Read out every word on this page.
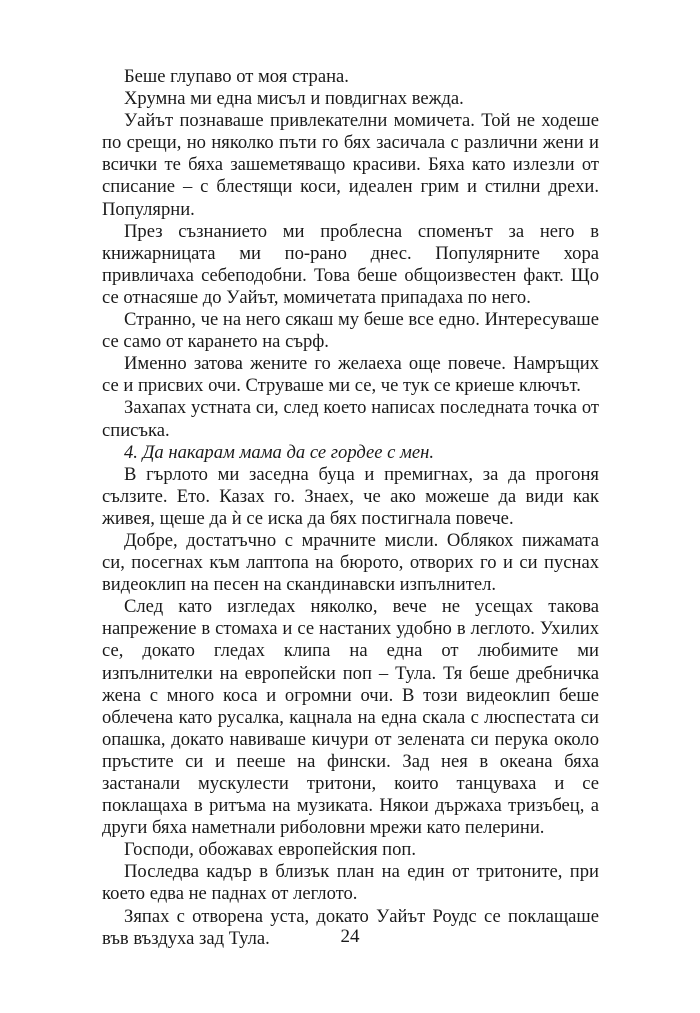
Беше глупаво от моя страна.

Хрумна ми една мисъл и повдигнах вежда.

Уайът познаваше привлекателни момичета. Той не ходеше по срещи, но няколко пъти го бях засичала с различни жени и всички те бяха зашеметяващо красиви. Бяха като излезли от списание – с блестящи коси, идеален грим и стилни дрехи. Популярни.

През съзнанието ми проблесна споменът за него в книжарницата ми по-рано днес. Популярните хора привличаха себеподобни. Това беше общоизвестен факт. Що се отнасяше до Уайът, момичетата припадаха по него.

Странно, че на него сякаш му беше все едно. Интересуваше се само от карането на сърф.

Именно затова жените го желаеха още повече. Намръщих се и присвих очи. Струваше ми се, че тук се криеше ключът.

Захапах устната си, след което написах последната точка от списъка.

4. Да накарам мама да се гордее с мен.

В гърлото ми заседна буца и премигнах, за да прогоня сълзите. Ето. Казах го. Знаех, че ако можеше да види как живея, щеше да ѝ се иска да бях постигнала повече.

Добре, достатъчно с мрачните мисли. Облякох пижамата си, посегнах към лаптопа на бюрото, отворих го и си пуснах видеоклип на песен на скандинавски изпълнител.

След като изгледах няколко, вече не усещах такова напрежение в стомаха и се настаних удобно в леглото. Ухилих се, докато гледах клипа на една от любимите ми изпълнителки на европейски поп – Тула. Тя беше дребничка жена с много коса и огромни очи. В този видеоклип беше облечена като русалка, кацнала на една скала с люспестата си опашка, докато навиваше кичури от зелената си перука около пръстите си и пееше на фински. Зад нея в океана бяха застанали мускулести тритони, които танцуваха и се поклащаха в ритъма на музиката. Някои държаха тризъбец, а други бяха наметнали риболовни мрежи като пелерини.

Господи, обожавах европейския поп.

Последва кадър в близък план на един от тритоните, при което едва не паднах от леглото.

Зяпах с отворена уста, докато Уайът Роудс се поклащаше във въздуха зад Тула.	24
